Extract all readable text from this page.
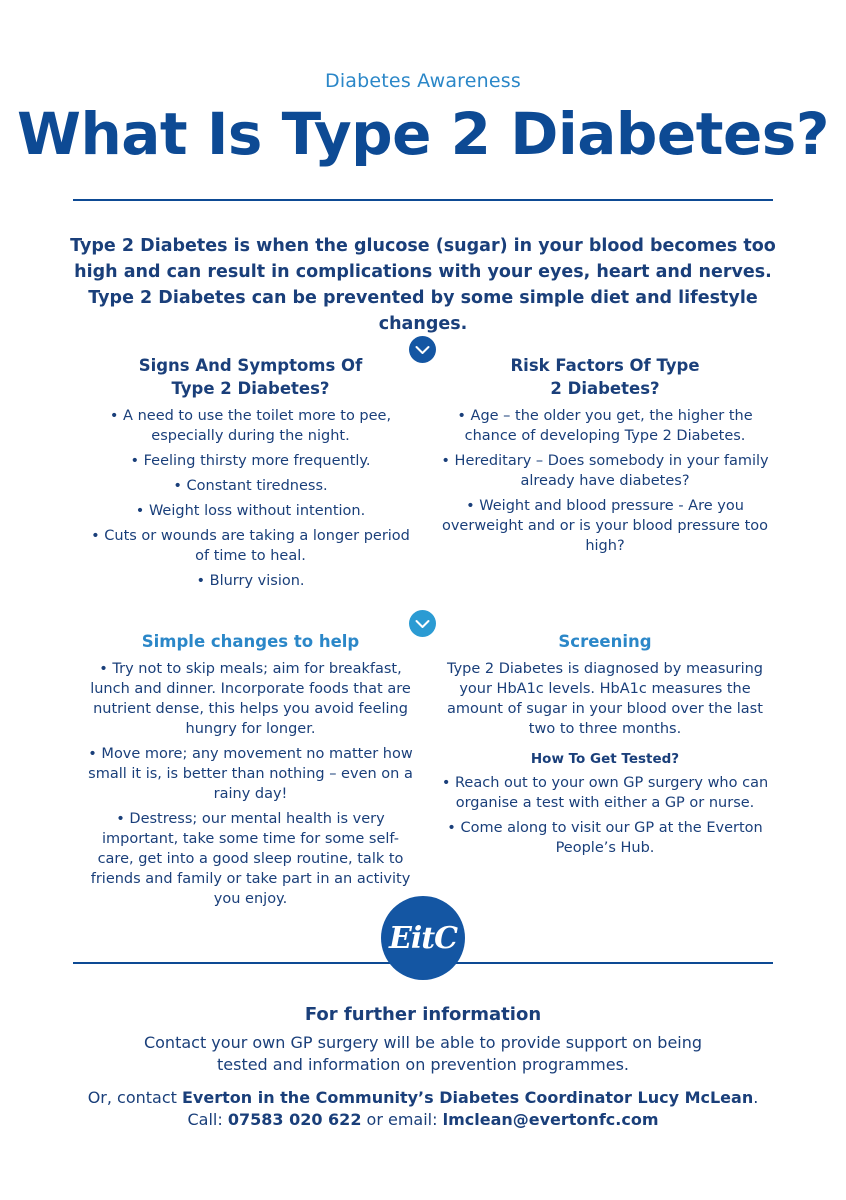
Diabetes Awareness
What Is Type 2 Diabetes?

Type 2 Diabetes is when the glucose (sugar) in your blood becomes too high and can result in complications with your eyes, heart and nerves. Type 2 Diabetes can be prevented by some simple diet and lifestyle changes.

Signs And Symptoms Of
Type 2 Diabetes?
• A need to use the toilet more to pee, especially during the night.
• Feeling thirsty more frequently.
• Constant tiredness.
• Weight loss without intention.
• Cuts or wounds are taking a longer period of time to heal.
• Blurry vision.
Risk Factors Of Type
2 Diabetes?
• Age – the older you get, the higher the chance of developing Type 2 Diabetes.
• Hereditary – Does somebody in your family already have diabetes?
• Weight and blood pressure - Are you overweight and or is your blood pressure too high?
Simple changes to help
• Try not to skip meals; aim for breakfast, lunch and dinner. Incorporate foods that are nutrient dense, this helps you avoid feeling hungry for longer.
• Move more; any movement no matter how small it is, is better than nothing – even on a rainy day!
• Destress; our mental health is very important, take some time for some self-care, get into a good sleep routine, talk to friends and family or take part in an activity you enjoy.
Screening

Type 2 Diabetes is diagnosed by measuring your HbA1c levels. HbA1c measures the amount of sugar in your blood over the last two to three months.

How To Get Tested?
• Reach out to your own GP surgery who can organise a test with either a GP or nurse.
• Come along to visit our GP at the Everton People’s Hub.
EitC
For further information

Contact your own GP surgery will be able to provide support on being tested and information on prevention programmes.

Or, contact Everton in the Community’s Diabetes Coordinator Lucy McLean.

Call: 07583 020 622 or email: lmclean@evertonfc.com
